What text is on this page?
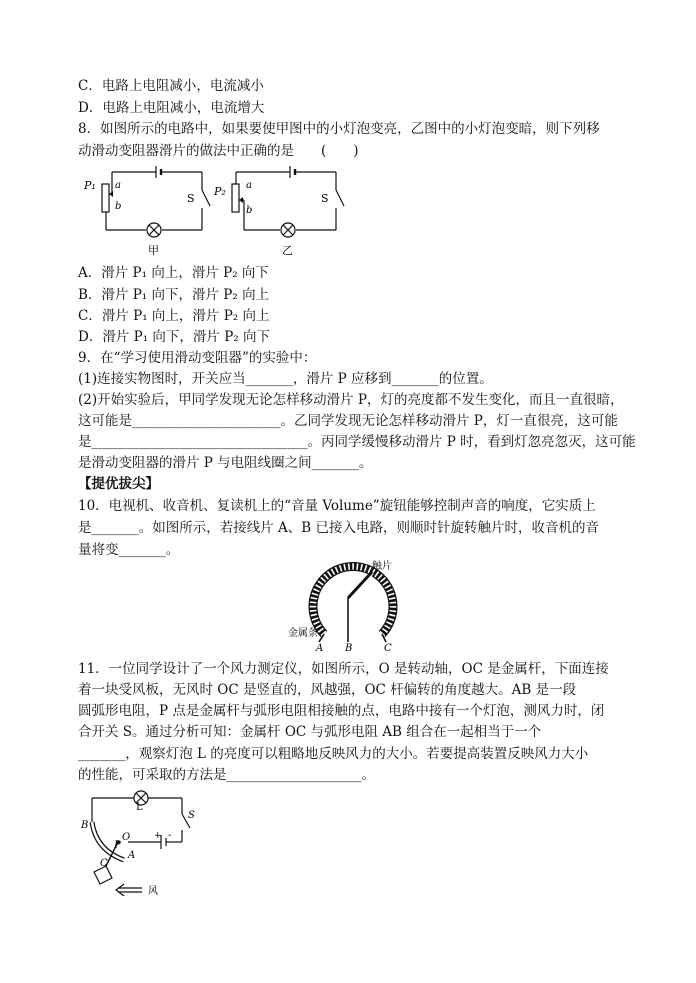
C．电路上电阻减小，电流减小
D．电路上电阻减小，电流增大
8．如图所示的电路中，如果要使甲图中的小灯泡变亮，乙图中的小灯泡变暗，则下列移
动滑动变阻器滑片的做法中正确的是　　(　　)
P₁ a
b
S
甲
P₂ a
b
S
乙
A．滑片 P₁ 向上，滑片 P₂ 向下
B．滑片 P₁ 向下，滑片 P₂ 向上
C．滑片 P₁ 向上，滑片 P₂ 向上
D．滑片 P₁ 向下，滑片 P₂ 向下
9．在“学习使用滑动变阻器”的实验中：
(1)连接实物图时，开关应当_______，滑片 P 应移到_______的位置。
(2)开始实验后，甲同学发现无论怎样移动滑片 P，灯的亮度都不发生变化，而且一直很暗，
这可能是______________________。乙同学发现无论怎样移动滑片 P，灯一直很亮，这可能
是________________________________。丙同学缓慢移动滑片 P 时，看到灯忽亮忽灭，这可能
是滑动变阻器的滑片 P 与电阻线圈之间_______。
【提优拔尖】
10．电视机、收音机、复读机上的“音量 Volume”旋钮能够控制声音的响度，它实质上
是_______。如图所示，若接线片 A、B 已接入电路，则顺时针旋转触片时，收音机的音
量将变_______。
触片
金属条
A B	C
11．一位同学设计了一个风力测定仪，如图所示，O 是转动轴，OC 是金属杆，下面连接
着一块受风板，无风时 OC 是竖直的，风越强，OC 杆偏转的角度越大。AB 是一段
圆弧形电阻，P 点是金属杆与弧形电阻相接触的点，电路中接有一个灯泡，测风力时，闭
合开关 S。通过分析可知：金属杆 OC 与弧形电阻 AB 组合在一起相当于一个
_______，观察灯泡 L 的亮度可以粗略地反映风力的大小。若要提高装置反映风力大小
的性能，可采取的方法是____________________。
L
S
B
P
O
A
C
+ -
风
